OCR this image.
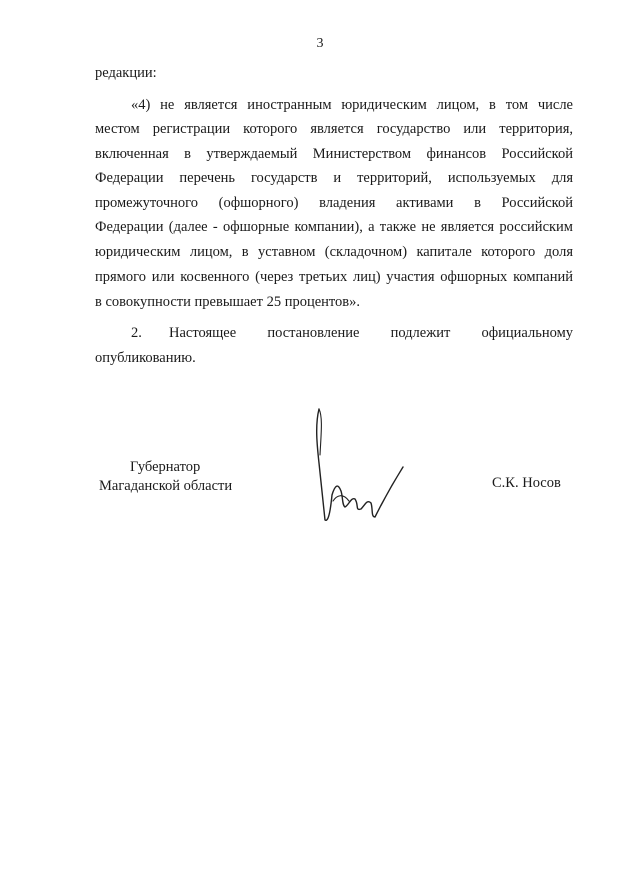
3
редакции:
«4) не является иностранным юридическим лицом, в том числе
местом регистрации которого является государство или территория,
включенная в утверждаемый Министерством финансов Российской
Федерации перечень государств и территорий, используемых для
промежуточного (офшорного) владения активами в Российской
Федерации (далее - офшорные компании), а также не является российским
юридическим лицом, в уставном (складочном) капитале которого доля
прямого или косвенного (через третьих лиц) участия офшорных компаний
в совокупности превышает 25 процентов».
2. Настоящее постановление подлежит официальному
опубликованию.
Губернатор
Магаданской области	С.К. Носов
